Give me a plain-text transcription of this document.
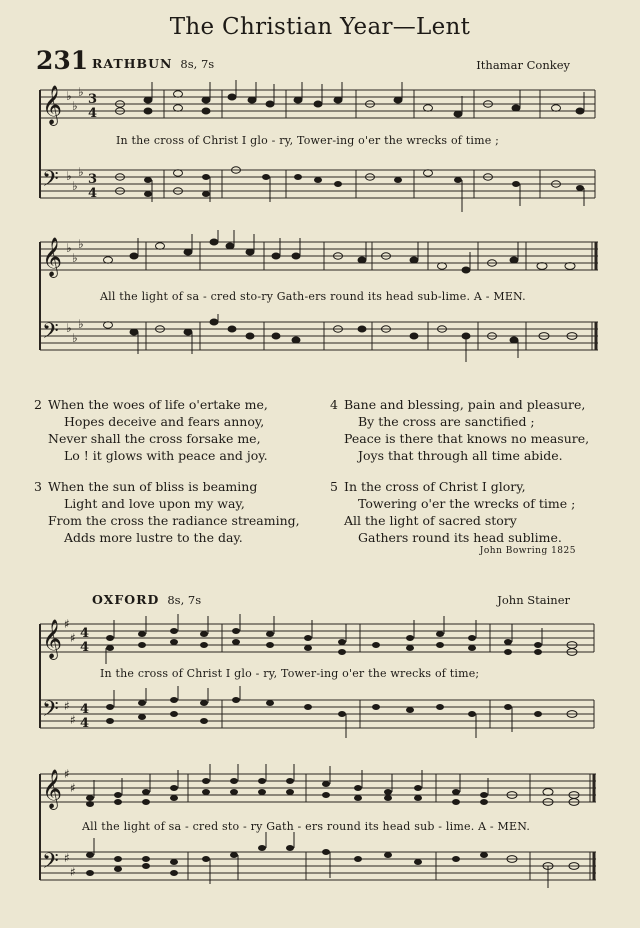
The Christian Year—Lent
231 RATHBUN 8s, 7s	Ithamar Conkey
𝄞
𝄢
♭
♭
♭
♭
♭
♭
3
4
3
4
In the cross of Christ I glo - ry, Tower-ing o'er the wrecks of time ;
𝄞
𝄢
♭
♭
♭
♭
♭
♭
All the light of sa - cred sto-ry Gath-ers round its head sub-lime. A - MEN.
2 When the woes of life o'ertake me,
Hopes deceive and fears annoy,
Never shall the cross forsake me,
Lo ! it glows with peace and joy.
4 Bane and blessing, pain and pleasure,
By the cross are sanctified ;
Peace is there that knows no measure,
Joys that through all time abide.
3 When the sun of bliss is beaming
Light and love upon my way,
From the cross the radiance streaming,
Adds more lustre to the day.
5 In the cross of Christ I glory,
Towering o'er the wrecks of time ;
All the light of sacred story
Gathers round its head sublime.
John Bowring 1825
OXFORD 8s, 7s	John Stainer
𝄞
𝄢
♯
♯
♯
♯
4
4
4
4
In the cross of Christ I glo - ry, Tower-ing o'er the wrecks of time;
𝄞
𝄢
♯
♯
♯
♯
All the light of sa - cred sto - ry Gath - ers round its head sub - lime. A - MEN.
